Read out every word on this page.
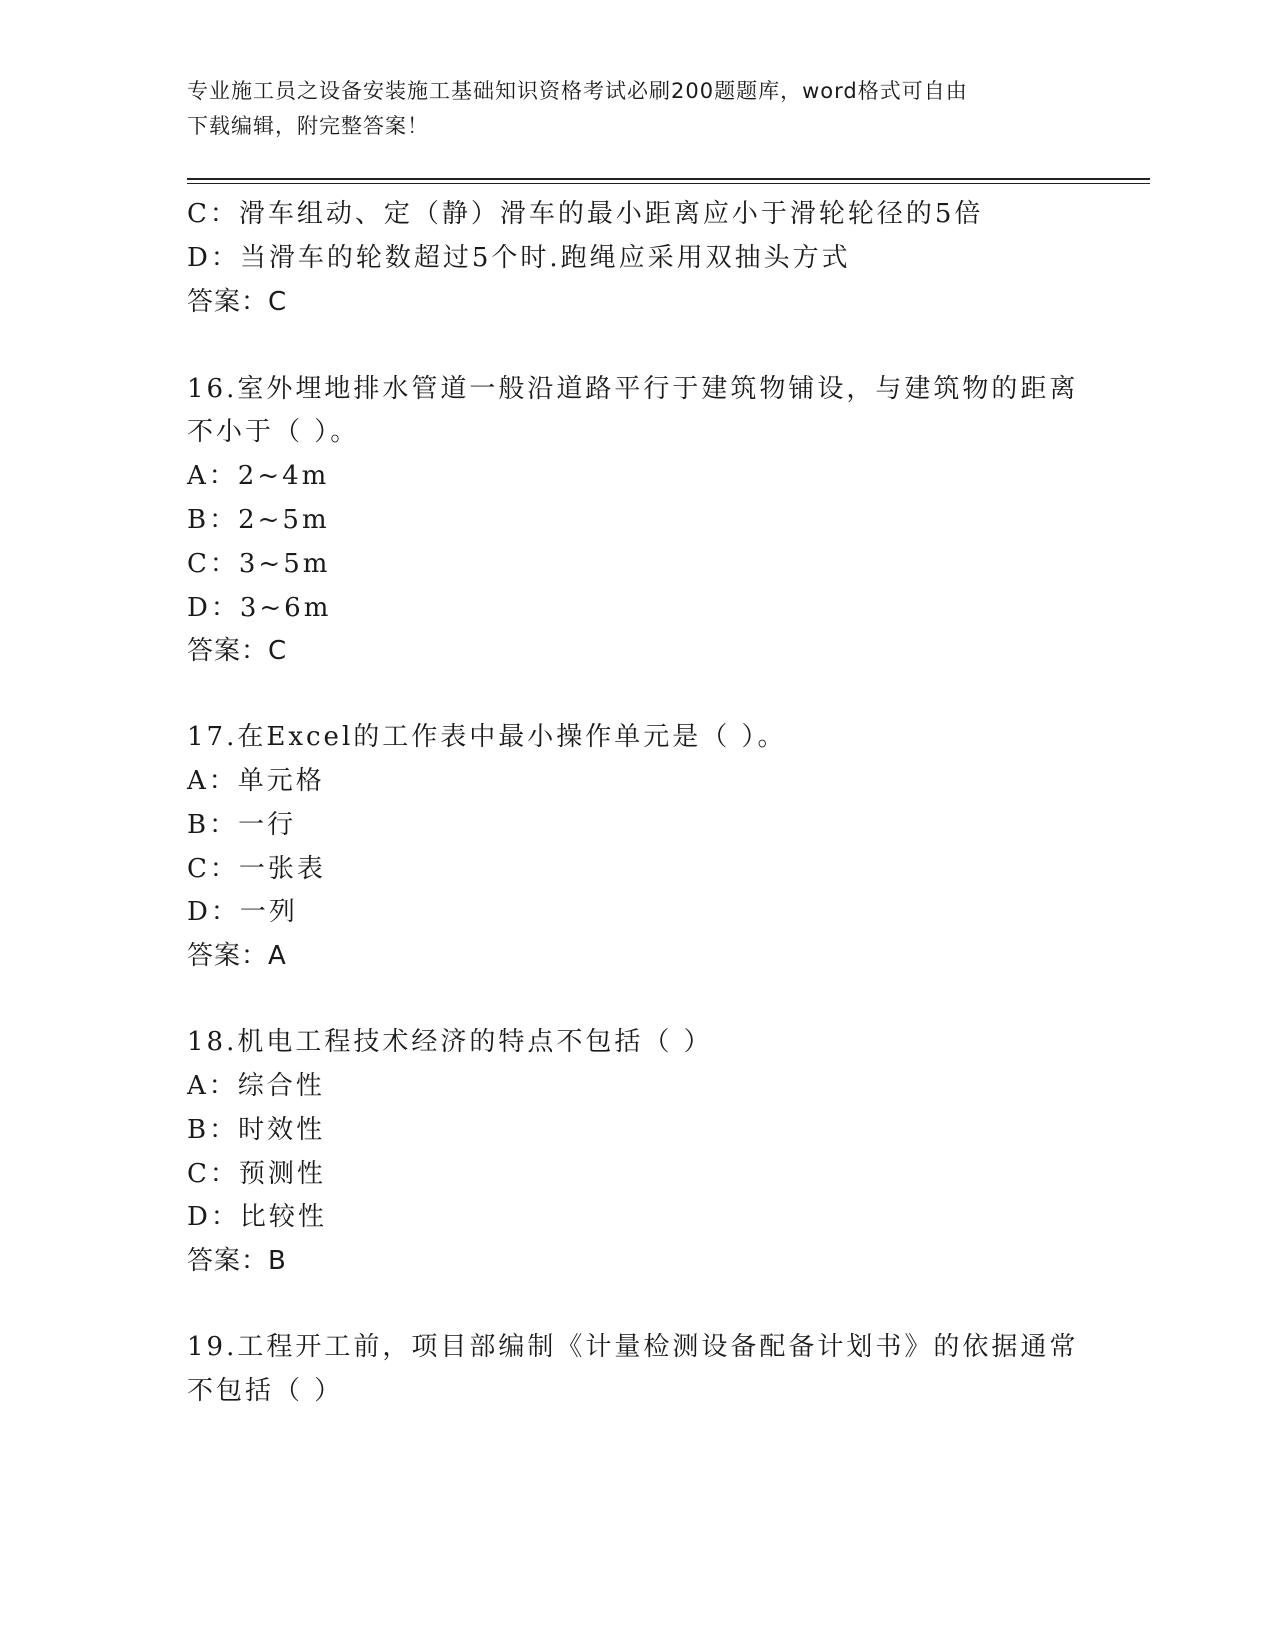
专业施工员之设备安装施工基础知识资格考试必刷200题题库，word格式可自由
下载编辑，附完整答案！
C：滑车组动、定（静）滑车的最小距离应小于滑轮轮径的5倍
D：当滑车的轮数超过5个时.跑绳应采用双抽头方式
答案：C
16.室外埋地排水管道一般沿道路平行于建筑物铺设，与建筑物的距离
不小于（ ）。
A：2~4m
B：2~5m
C：3~5m
D：3~6m
答案：C
17.在Excel的工作表中最小操作单元是（ ）。
A：单元格
B：一行
C：一张表
D：一列
答案：A
18.机电工程技术经济的特点不包括（ ）
A：综合性
B：时效性
C：预测性
D：比较性
答案：B
19.工程开工前，项目部编制《计量检测设备配备计划书》的依据通常
不包括（ ）
